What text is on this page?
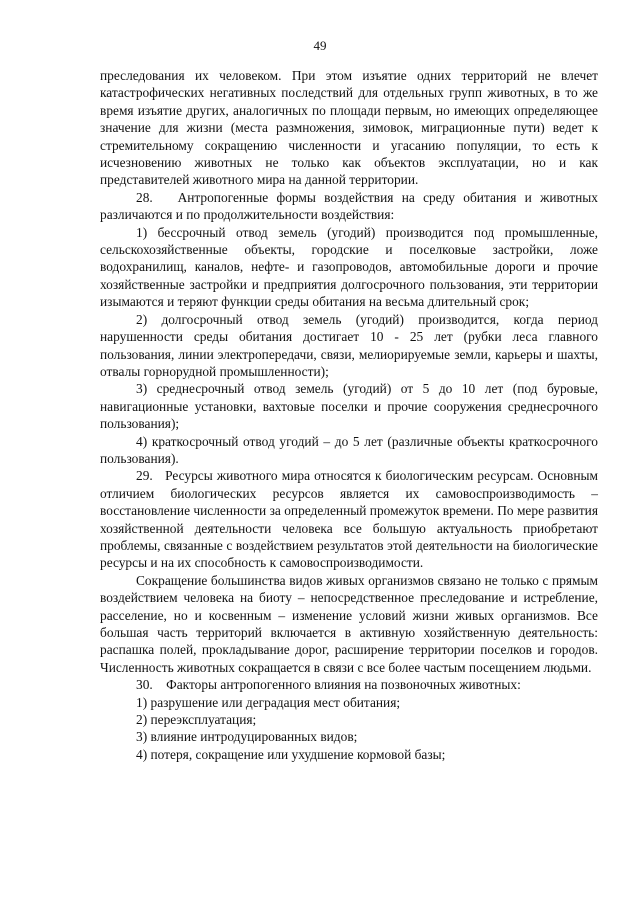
49

преследования их человеком. При этом изъятие одних территорий не влечет катастрофических негативных последствий для отдельных групп животных, в то же время изъятие других, аналогичных по площади первым, но имеющих определяющее значение для жизни (места размножения, зимовок, миграционные пути) ведет к стремительному сокращению численности и угасанию популяции, то есть к исчезновению животных не только как объектов эксплуатации, но и как представителей животного мира на данной территории.

28.   Антропогенные формы воздействия на среду обитания и животных различаются и по продолжительности воздействия:

1) бессрочный отвод земель (угодий) производится под промышленные, сельскохозяйственные объекты, городские и поселковые застройки, ложе водохранилищ, каналов, нефте- и газопроводов, автомобильные дороги и прочие хозяйственные застройки и предприятия долгосрочного пользования, эти территории изымаются и теряют функции среды обитания на весьма длительный срок;

2) долгосрочный отвод земель (угодий) производится, когда период нарушенности среды обитания достигает 10 - 25 лет (рубки леса главного пользования, линии электропередачи, связи, мелиорируемые земли, карьеры и шахты, отвалы горнорудной промышленности);

3) среднесрочный отвод земель (угодий) от 5 до 10 лет (под буровые, навигационные установки, вахтовые поселки и прочие сооружения среднесрочного пользования);

4) краткосрочный отвод угодий – до 5 лет (различные объекты краткосрочного пользования).

29.   Ресурсы животного мира относятся к биологическим ресурсам. Основным отличием биологических ресурсов является их самовоспроизводимость – восстановление численности за определенный промежуток времени. По мере развития хозяйственной деятельности человека все большую актуальность приобретают проблемы, связанные с воздействием результатов этой деятельности на биологические ресурсы и на их способность к самовоспроизводимости.

Сокращение большинства видов живых организмов связано не только с прямым воздействием человека на биоту – непосредственное преследование и истребление, расселение, но и косвенным – изменение условий жизни живых организмов. Все большая часть территорий включается в активную хозяйственную деятельность: распашка полей, прокладывание дорог, расширение территории поселков и городов. Численность животных сокращается в связи с все более частым посещением людьми.

30.    Факторы антропогенного влияния на позвоночных животных:

1) разрушение или деградация мест обитания;

2) переэксплуатация;

3) влияние интродуцированных видов;

4) потеря, сокращение или ухудшение кормовой базы;
